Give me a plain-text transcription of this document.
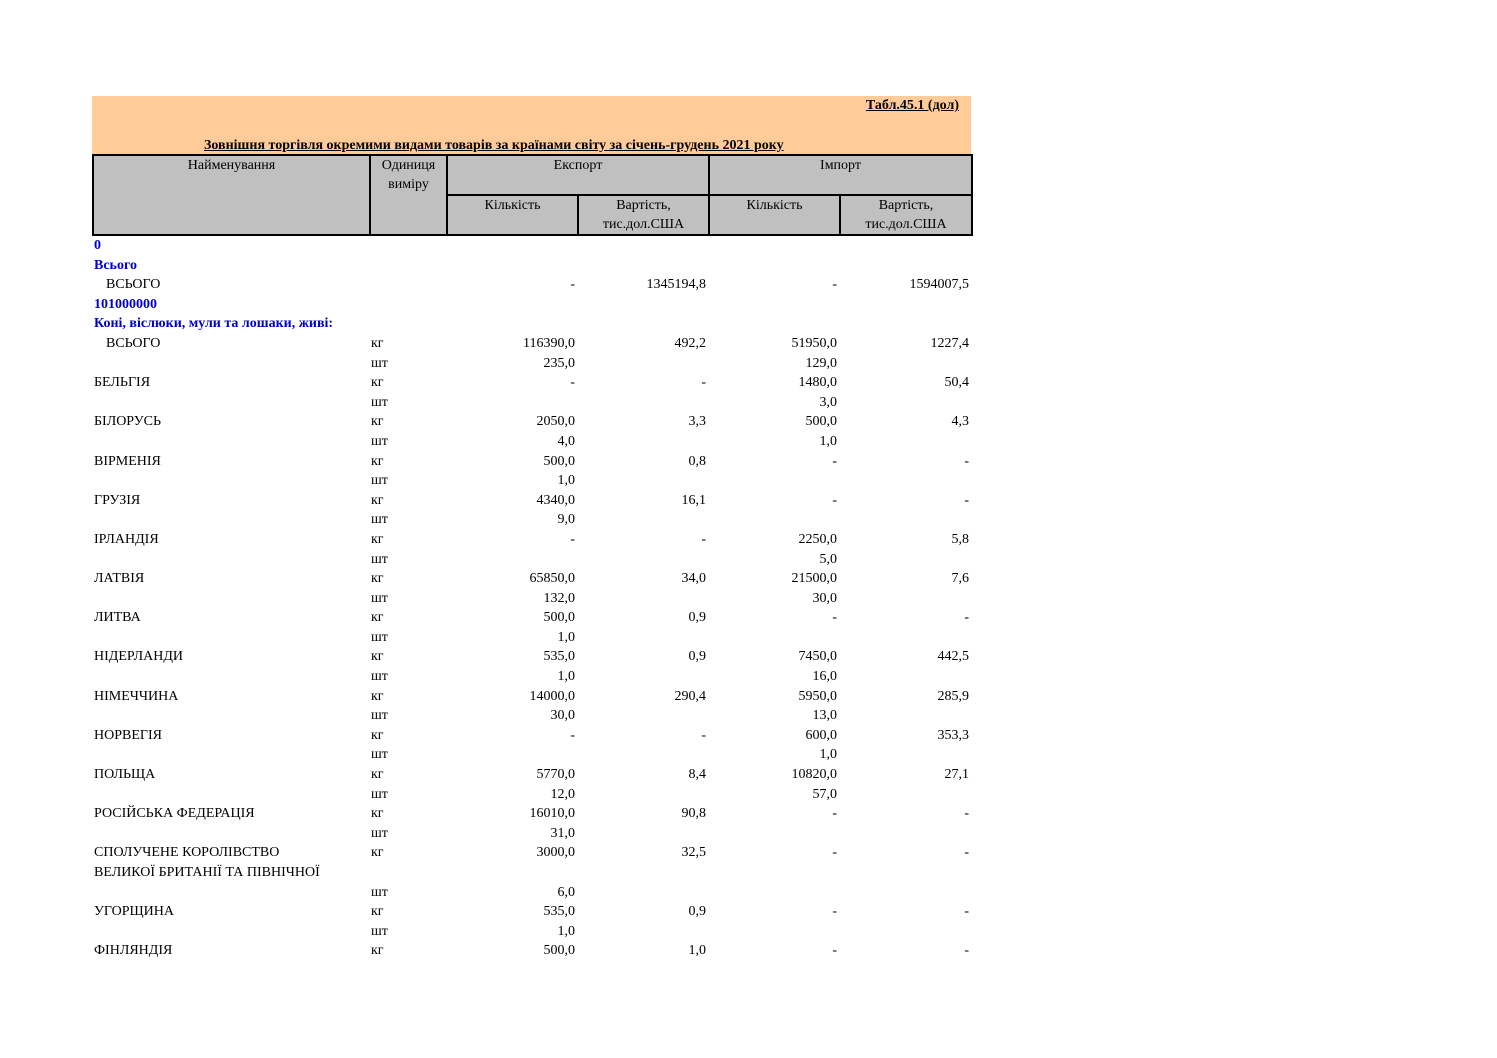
Табл.45.1 (дол)
Зовнішня торгівля окремими видами товарів за країнами світу за січень-грудень 2021 року
Найменування	Одиниця виміру	Експорт		Імпорт	
		Кількість	Вартість, тис.дол.США	Кількість	Вартість, тис.дол.США
0					
Всього					
ВСЬОГО		-	1345194,8	-	1594007,5
101000000					
Коні, віслюки, мули та лошаки, живі:					
ВСЬОГО	кг	116390,0	492,2	51950,0	1227,4
	шт	235,0		129,0	
БЕЛЬГІЯ	кг	-	-	1480,0	50,4
	шт			3,0	
БІЛОРУСЬ	кг	2050,0	3,3	500,0	4,3
	шт	4,0		1,0	
ВІРМЕНІЯ	кг	500,0	0,8	-	-
	шт	1,0			
ГРУЗІЯ	кг	4340,0	16,1	-	-
	шт	9,0			
ІРЛАНДІЯ	кг	-	-	2250,0	5,8
	шт			5,0	
ЛАТВІЯ	кг	65850,0	34,0	21500,0	7,6
	шт	132,0		30,0	
ЛИТВА	кг	500,0	0,9	-	-
	шт	1,0			
НІДЕРЛАНДИ	кг	535,0	0,9	7450,0	442,5
	шт	1,0		16,0	
НІМЕЧЧИНА	кг	14000,0	290,4	5950,0	285,9
	шт	30,0		13,0	
НОРВЕГІЯ	кг	-	-	600,0	353,3
	шт			1,0	
ПОЛЬЩА	кг	5770,0	8,4	10820,0	27,1
	шт	12,0		57,0	
РОСІЙСЬКА ФЕДЕРАЦІЯ	кг	16010,0	90,8	-	-
	шт	31,0			
СПОЛУЧЕНЕ КОРОЛІВСТВО	кг	3000,0	32,5	-	-
ВЕЛИКОЇ БРИТАНІЇ ТА ПІВНІЧНОЇ					
	шт	6,0			
УГОРЩИНА	кг	535,0	0,9	-	-
	шт	1,0			
ФІНЛЯНДІЯ	кг	500,0	1,0	-	-
